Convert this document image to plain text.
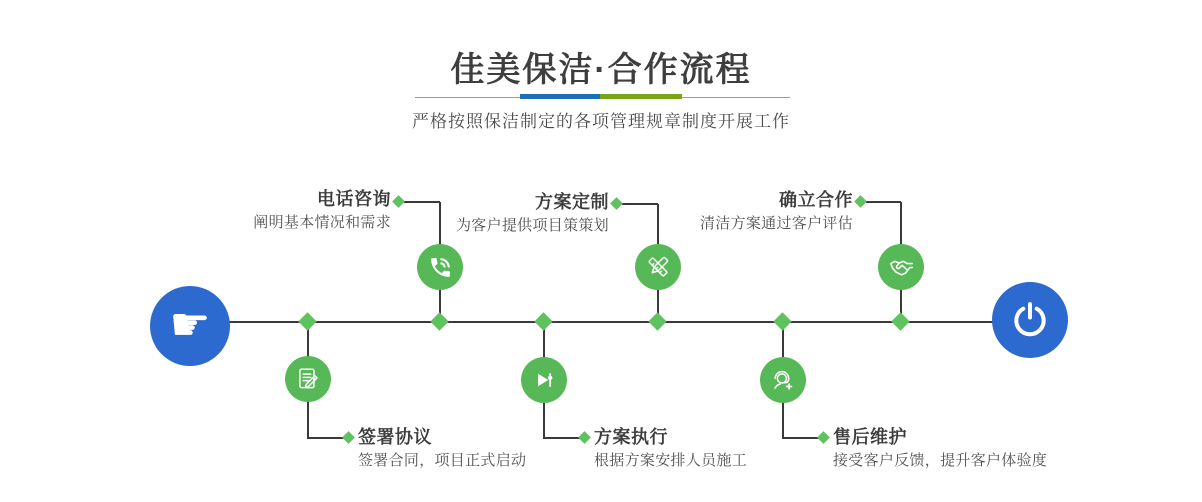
佳美保洁·合作流程
严格按照保洁制定的各项管理规章制度开展工作
☛
签署协议
签署合同，项目正式启动
电话咨询
阐明基本情况和需求
方案执行
根据方案安排人员施工
方案定制
为客户提供项目策策划
售后维护
接受客户反馈，提升客户体验度
确立合作
清洁方案通过客户评估
